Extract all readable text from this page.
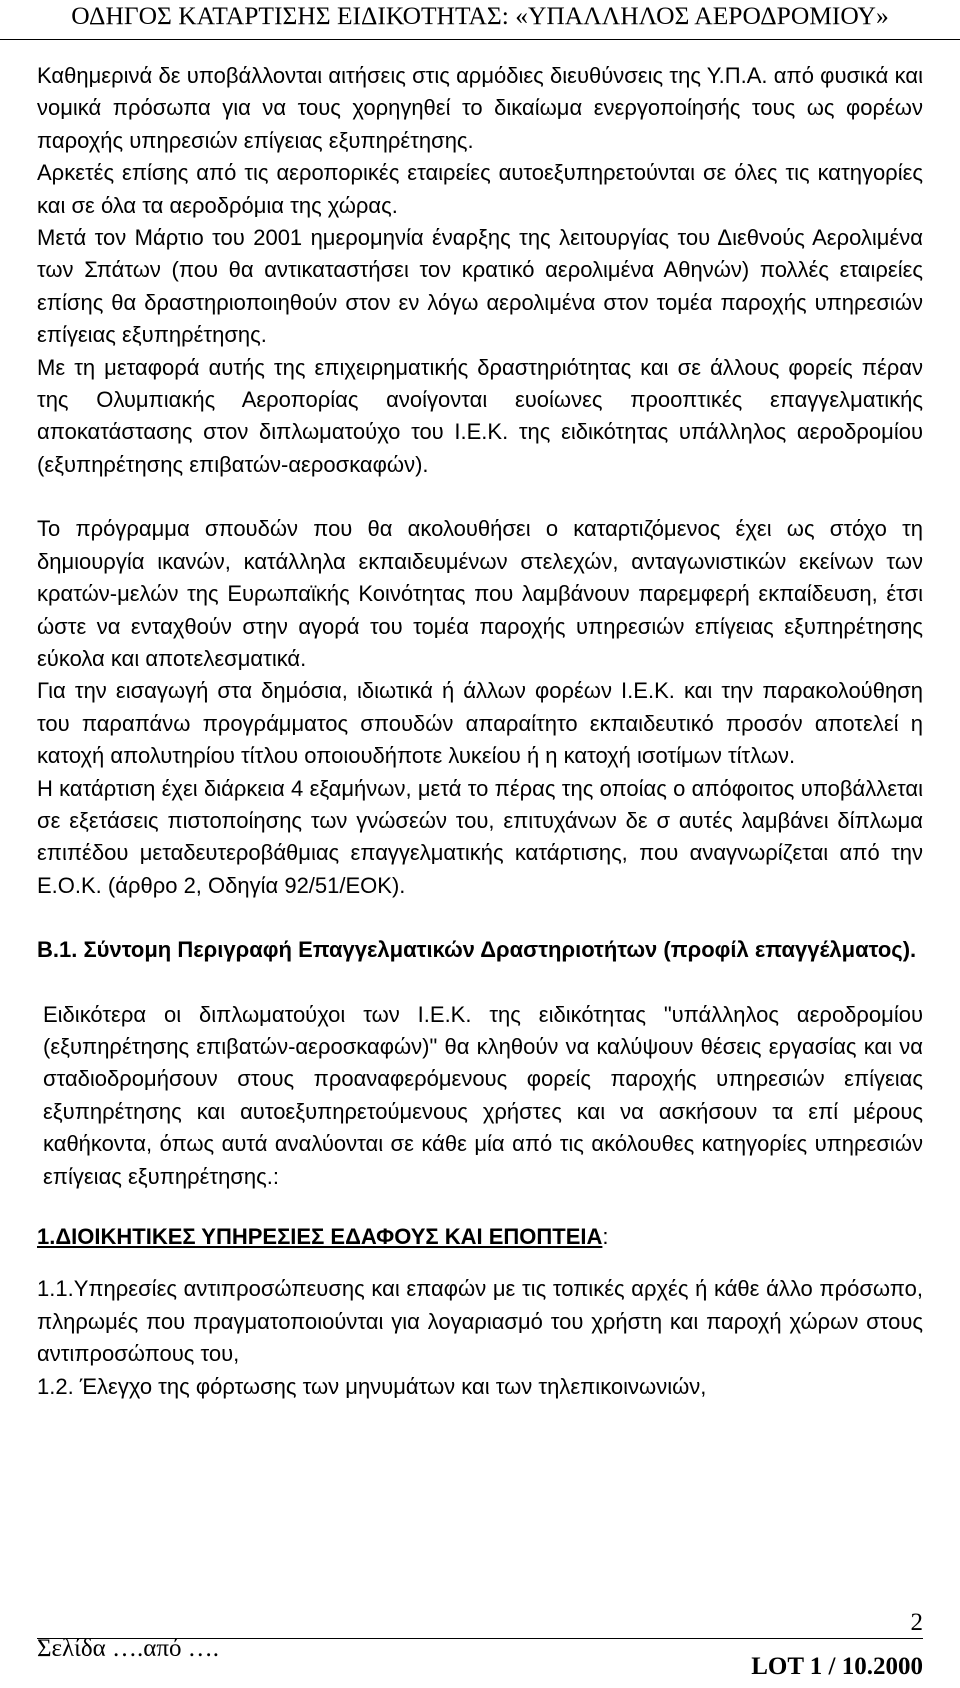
ΟΔΗΓΟΣ ΚΑΤΑΡΤΙΣΗΣ ΕΙΔΙΚΟΤΗΤΑΣ: «ΥΠΑΛΛΗΛΟΣ ΑΕΡΟΔΡΟΜΙΟΥ»

Καθημερινά δε υποβάλλονται αιτήσεις στις αρμόδιες διευθύνσεις της Υ.Π.Α. από φυσικά και νομικά πρόσωπα για να τους χορηγηθεί το δικαίωμα ενεργοποίησής τους ως φορέων παροχής υπηρεσιών επίγειας εξυπηρέτησης.

Αρκετές επίσης από τις αεροπορικές εταιρείες αυτοεξυπηρετούνται σε όλες τις κατηγορίες και σε όλα τα αεροδρόμια της χώρας.

Μετά τον Μάρτιο του 2001 ημερομηνία έναρξης της λειτουργίας του Διεθνούς Αερολιμένα των Σπάτων (που θα αντικαταστήσει τον κρατικό αερολιμένα Αθηνών) πολλές εταιρείες επίσης θα δραστηριοποιηθούν στον εν λόγω αερολιμένα στον τομέα παροχής υπηρεσιών επίγειας εξυπηρέτησης.

Με τη μεταφορά αυτής της επιχειρηματικής δραστηριότητας και σε άλλους φορείς πέραν της Ολυμπιακής Αεροπορίας ανοίγονται ευοίωνες προοπτικές επαγγελματικής αποκατάστασης στον διπλωματούχο του Ι.Ε.Κ. της ειδικότητας υπάλληλος αεροδρομίου (εξυπηρέτησης επιβατών-αεροσκαφών).

Το πρόγραμμα σπουδών που θα ακολουθήσει ο καταρτιζόμενος έχει ως στόχο τη δημιουργία ικανών, κατάλληλα εκπαιδευμένων στελεχών, ανταγωνιστικών εκείνων των κρατών-μελών της Ευρωπαϊκής Κοινότητας που λαμβάνουν παρεμφερή εκπαίδευση, έτσι ώστε να ενταχθούν στην αγορά του τομέα παροχής υπηρεσιών επίγειας εξυπηρέτησης εύκολα και αποτελεσματικά.

Για την εισαγωγή στα δημόσια, ιδιωτικά ή άλλων φορέων Ι.Ε.Κ. και την παρακολούθηση του παραπάνω προγράμματος σπουδών απαραίτητο εκπαιδευτικό προσόν αποτελεί η κατοχή απολυτηρίου τίτλου οποιουδήποτε λυκείου ή η κατοχή ισοτίμων τίτλων.

Η κατάρτιση έχει διάρκεια 4 εξαμήνων, μετά το πέρας της οποίας ο απόφοιτος υποβάλλεται σε εξετάσεις πιστοποίησης των γνώσεών του, επιτυχάνων δε σ αυτές λαμβάνει δίπλωμα επιπέδου μεταδευτεροβάθμιας επαγγελματικής κατάρτισης, που αναγνωρίζεται από την Ε.Ο.Κ. (άρθρο 2, Οδηγία 92/51/ΕΟΚ).

Β.1. Σύντομη Περιγραφή Επαγγελματικών Δραστηριοτήτων (προφίλ επαγγέλματος).

Ειδικότερα οι διπλωματούχοι των Ι.Ε.Κ. της ειδικότητας "υπάλληλος αεροδρομίου (εξυπηρέτησης επιβατών-αεροσκαφών)" θα κληθούν να καλύψουν θέσεις εργασίας και να σταδιοδρομήσουν στους προαναφερόμενους φορείς παροχής υπηρεσιών επίγειας εξυπηρέτησης και αυτοεξυπηρετούμενους χρήστες και να ασκήσουν τα επί μέρους καθήκοντα, όπως αυτά αναλύονται σε κάθε μία από τις ακόλουθες κατηγορίες υπηρεσιών επίγειας εξυπηρέτησης.:

1.ΔΙΟΙΚΗΤΙΚΕΣ ΥΠΗΡΕΣΙΕΣ ΕΔΑΦΟΥΣ ΚΑΙ ΕΠΟΠΤΕΙΑ:

1.1.Υπηρεσίες αντιπροσώπευσης και επαφών με τις τοπικές αρχές ή κάθε άλλο πρόσωπο, πληρωμές που πραγματοποιούνται για λογαριασμό του χρήστη και παροχή χώρων στους αντιπροσώπους του,

1.2. Έλεγχο της φόρτωσης των μηνυμάτων και των τηλεπικοινωνιών,

2
Σελίδα ….από ….
LOT 1 / 10.2000
